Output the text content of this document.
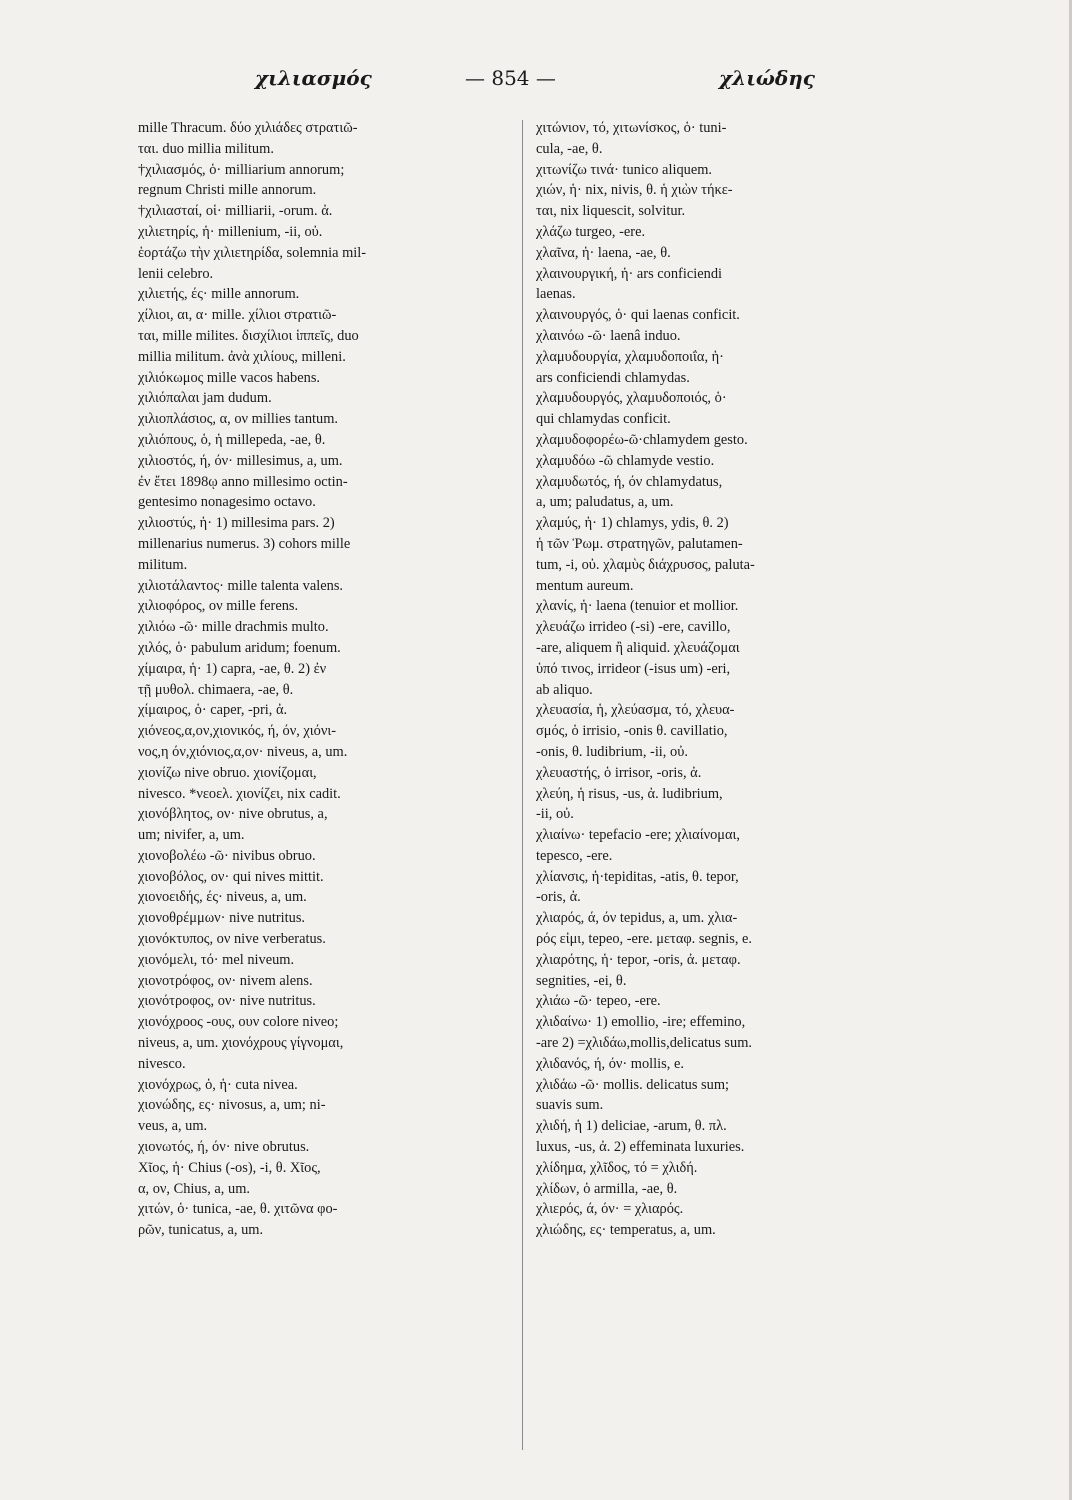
χιλιασμός	— 854 —	χλιώδης
mille Thracum. δύο χιλιάδες στρατιῶ-
ται. duo millia militum.
†χιλιασμός, ὁ· milliarium annorum;
regnum Christi mille annorum.
†χιλιασταί, οἱ· milliarii, -orum. ἀ.
χιλιετηρίς, ἡ· millenium, -ii, οὐ.
ἑορτάζω τὴν χιλιετηρίδα, solemnia mil-
lenii celebro.
χιλιετής, ές· mille annorum.
χίλιοι, αι, α· mille. χίλιοι στρατιῶ-
ται, mille milites. δισχίλιοι ἱππεῖς, duo
millia militum. ἀνὰ χιλίους, milleni.
χιλιόκωμος mille vacos habens.
χιλιόπαλαι jam dudum.
χιλιοπλάσιος, α, ον millies tantum.
χιλιόπους, ὁ, ἡ millepeda, -ae, θ.
χιλιοστός, ή, όν· millesimus, a, um.
ἐν ἔτει 1898ῳ anno millesimo octin-
gentesimo nonagesimo octavo.
χιλιοστύς, ἡ· 1) millesima pars. 2)
millenarius numerus. 3) cohors mille
militum.
χιλιοτάλαντος· mille talenta valens.
χιλιοφόρος, ον mille ferens.
χιλιόω -ῶ· mille drachmis multo.
χιλός, ὁ· pabulum aridum; foenum.
χίμαιρα, ἡ· 1) capra, -ae, θ. 2) ἐν
τῇ μυθολ. chimaera, -ae, θ.
χίμαιρος, ὁ· caper, -pri, ἀ.
χιόνεος,α,ον,χιονικός, ή, όν, χιόνι-
νος,η όν,χιόνιος,α,ον· niveus, a, um.
χιονίζω nive obruo. χιονίζομαι,
nivesco. *νεοελ. χιονίζει, nix cadit.
χιονόβλητος, ον· nive obrutus, a,
um; nivifer, a, um.
χιονοβολέω -ῶ· nivibus obruo.
χιονοβόλος, ον· qui nives mittit.
χιονοειδής, ές· niveus, a, um.
χιονοθρέμμων· nive nutritus.
χιονόκτυπος, ον nive verberatus.
χιονόμελι, τό· mel niveum.
χιονοτρόφος, ον· nivem alens.
χιονότροφος, ον· nive nutritus.
χιονόχροος -ους, ουν colore niveo;
niveus, a, um. χιονόχρους γίγνομαι,
nivesco.
χιονόχρως, ὁ, ἡ· cuta nivea.
χιονώδης, ες· nivosus, a, um; ni-
veus, a, um.
χιονωτός, ή, όν· nive obrutus.
Χῖος, ἡ· Chius (-os), -i, θ. Χῖος,
α, ον, Chius, a, um.
χιτών, ὁ· tunica, -ae, θ. χιτῶνα φο-
ρῶν, tunicatus, a, um.
χιτώνιον, τό, χιτωνίσκος, ὁ· tuni-
cula, -ae, θ.
χιτωνίζω τινά· tunico aliquem.
χιών, ἡ· nix, nivis, θ. ἡ χιὼν τήκε-
ται, nix liquescit, solvitur.
χλάζω turgeo, -ere.
χλαῖνα, ἡ· laena, -ae, θ.
χλαινουργική, ἡ· ars conficiendi
laenas.
χλαινουργός, ὁ· qui laenas conficit.
χλαινόω -ῶ· laenâ induo.
χλαμυδουργία, χλαμυδοποιΐα, ἡ·
ars conficiendi chlamydas.
χλαμυδουργός, χλαμυδοποιός, ὁ·
qui chlamydas conficit.
χλαμυδοφορέω-ῶ·chlamydem gesto.
χλαμυδόω -ῶ chlamyde vestio.
χλαμυδωτός, ή, όν chlamydatus,
a, um; paludatus, a, um.
χλαμύς, ἡ· 1) chlamys, ydis, θ. 2)
ἡ τῶν Ῥωμ. στρατηγῶν, palutamen-
tum, -i, οὐ. χλαμὺς διάχρυσος, paluta-
mentum aureum.
χλανίς, ἡ· laena (tenuior et mollior.
χλευάζω irrideo (-si) -ere, cavillo,
-are, aliquem ἢ aliquid. χλευάζομαι
ὑπό τινος, irrideor (-isus um) -eri,
ab aliquo.
χλευασία, ἡ, χλεύασμα, τό, χλευα-
σμός, ὁ irrisio, -onis θ. cavillatio,
-onis, θ. ludibrium, -ii, οὐ.
χλευαστής, ὁ irrisor, -oris, ἀ.
χλεύη, ἡ risus, -us, ἀ. ludibrium,
-ii, οὐ.
χλιαίνω· tepefacio -ere; χλιαίνομαι,
tepesco, -ere.
χλίανσις, ἡ·tepiditas, -atis, θ. tepor,
-oris, ἀ.
χλιαρός, ά, όν tepidus, a, um. χλια-
ρός εἰμι, tepeo, -ere. μεταφ. segnis, e.
χλιαρότης, ἡ· tepor, -oris, ἀ. μεταφ.
segnities, -ei, θ.
χλιάω -ῶ· tepeo, -ere.
χλιδαίνω· 1) emollio, -ire; effemino,
-are 2) =χλιδάω,mollis,delicatus sum.
χλιδανός, ή, όν· mollis, e.
χλιδάω -ῶ· mollis. delicatus sum;
suavis sum.
χλιδή, ἡ 1) deliciae, -arum, θ. πλ.
luxus, -us, ἀ. 2) effeminata luxuries.
χλίδημα, χλῖδος, τό = χλιδή.
χλίδων, ὁ armilla, -ae, θ.
χλιερός, ά, όν· = χλιαρός.
χλιώδης, ες· temperatus, a, um.
